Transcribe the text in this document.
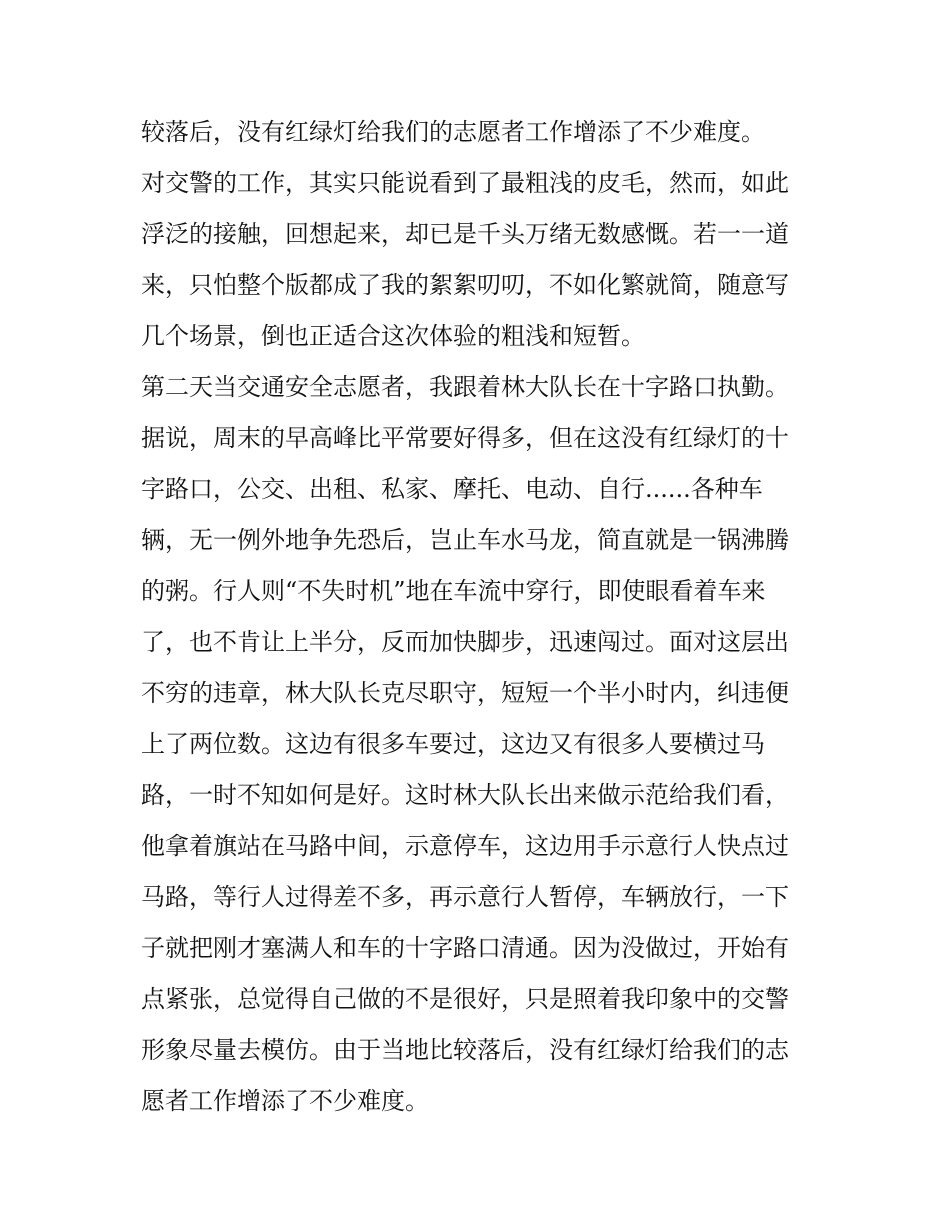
较落后，没有红绿灯给我们的志愿者工作增添了不少难度。
对交警的工作，其实只能说看到了最粗浅的皮毛，然而，如此
浮泛的接触，回想起来，却已是千头万绪无数感慨。若一一道
来，只怕整个版都成了我的絮絮叨叨，不如化繁就简，随意写
几个场景，倒也正适合这次体验的粗浅和短暂。
第二天当交通安全志愿者，我跟着林大队长在十字路口执勤。
据说，周末的早高峰比平常要好得多，但在这没有红绿灯的十
字路口，公交、出租、私家、摩托、电动、自行......各种车
辆，无一例外地争先恐后，岂止车水马龙，简直就是一锅沸腾
的粥。行人则“不失时机”地在车流中穿行，即使眼看着车来
了，也不肯让上半分，反而加快脚步，迅速闯过。面对这层出
不穷的违章，林大队长克尽职守，短短一个半小时内，纠违便
上了两位数。这边有很多车要过，这边又有很多人要横过马
路，一时不知如何是好。这时林大队长出来做示范给我们看，
他拿着旗站在马路中间，示意停车，这边用手示意行人快点过
马路，等行人过得差不多，再示意行人暂停，车辆放行，一下
子就把刚才塞满人和车的十字路口清通。因为没做过，开始有
点紧张，总觉得自己做的不是很好，只是照着我印象中的交警
形象尽量去模仿。由于当地比较落后，没有红绿灯给我们的志
愿者工作增添了不少难度。
